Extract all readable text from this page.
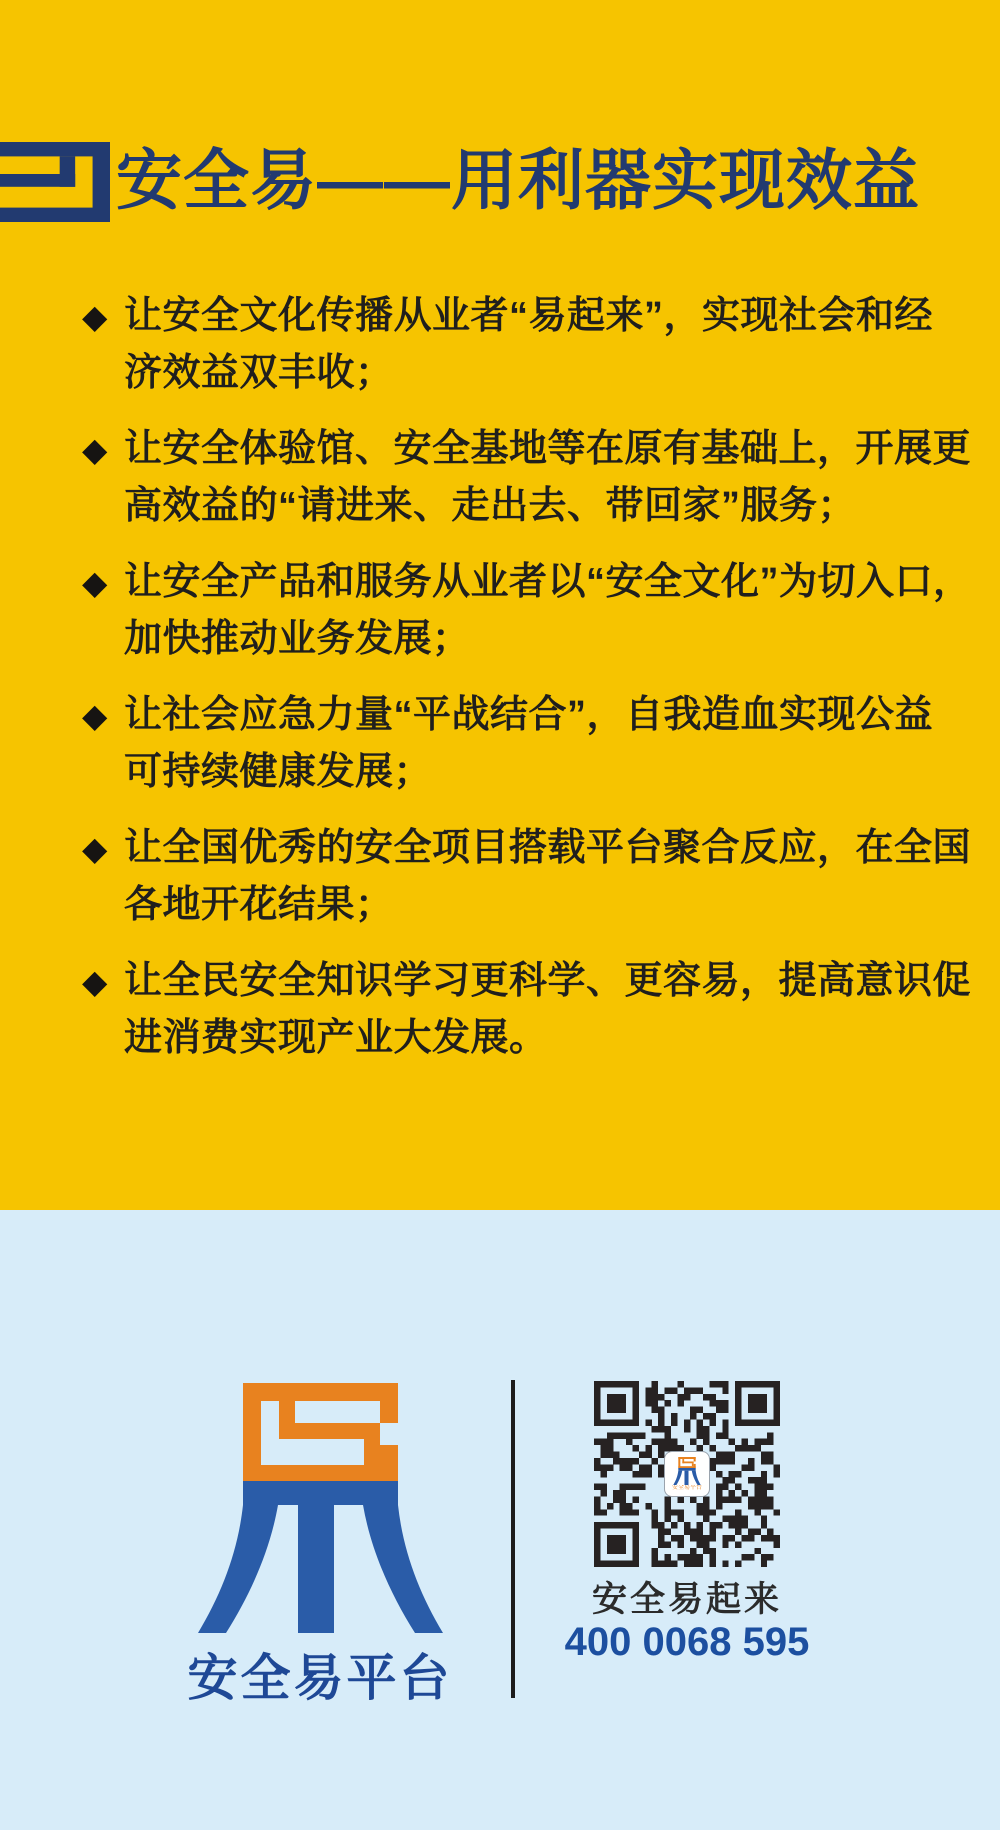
安全易——用利器实现效益
◆ 让安全文化传播从业者“易起来”，实现社会和经
济效益双丰收；
◆ 让安全体验馆、安全基地等在原有基础上，开展更
高效益的“请进来、走出去、带回家”服务；
◆ 让安全产品和服务从业者以“安全文化”为切入口，
加快推动业务发展；
◆ 让社会应急力量“平战结合”，自我造血实现公益
可持续健康发展；
◆ 让全国优秀的安全项目搭载平台聚合反应，在全国
各地开花结果；
◆ 让全民安全知识学习更科学、更容易，提高意识促
进消费实现产业大发展。
安全易平台
安全易平台
安全易起来
400 0068 595
